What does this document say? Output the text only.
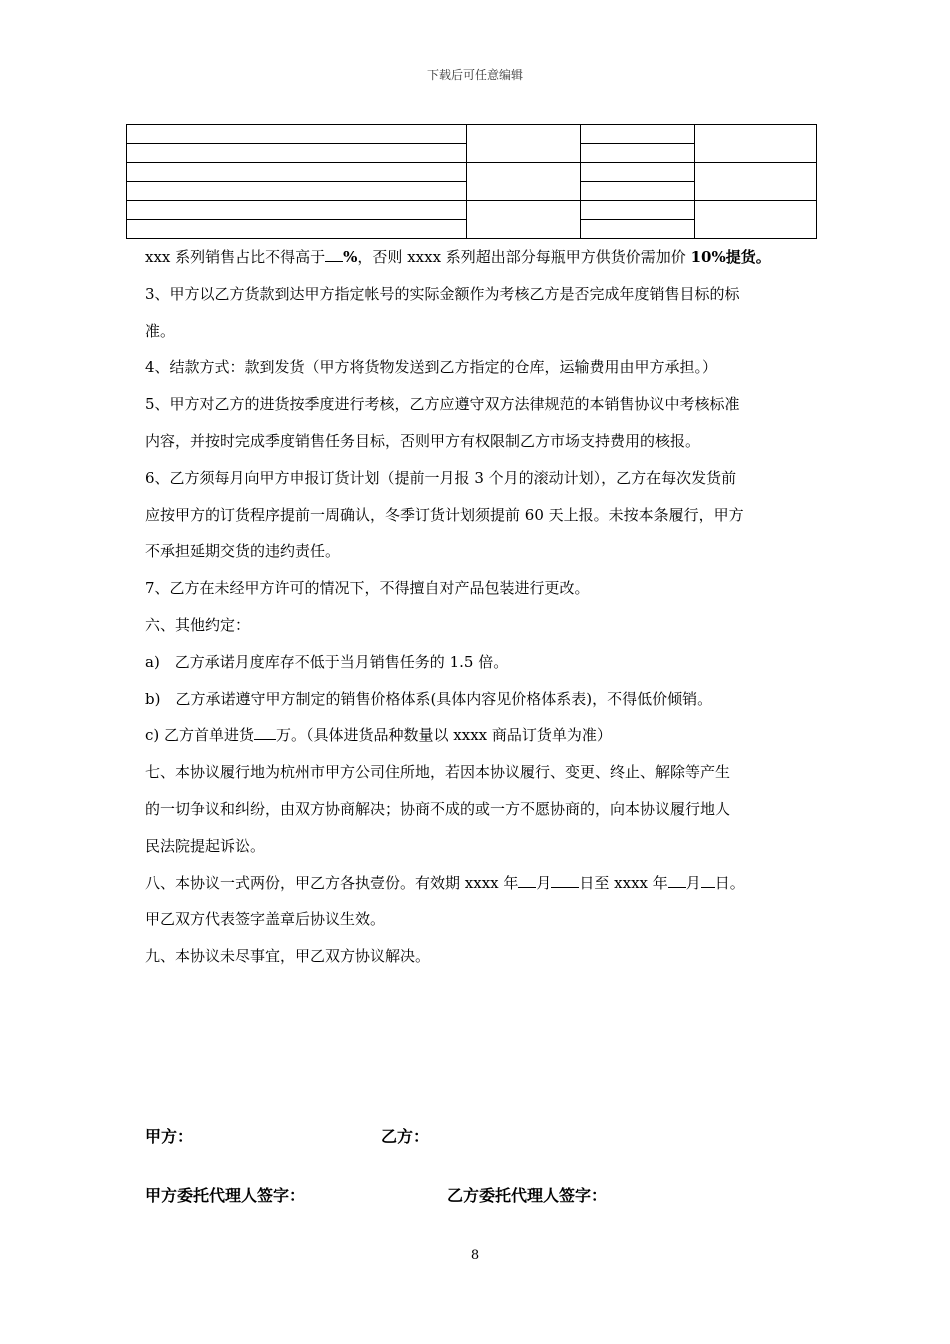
下载后可任意编辑

xxx 系列销售占比不得高于 %，否则 xxxx 系列超出部分每瓶甲方供货价需加价 10%提货。
3、甲方以乙方货款到达甲方指定帐号的实际金额作为考核乙方是否完成年度销售目标的标
准。
4、结款方式：款到发货（甲方将货物发送到乙方指定的仓库，运输费用由甲方承担。）
5、甲方对乙方的进货按季度进行考核，乙方应遵守双方法律规范的本销售协议中考核标准
内容，并按时完成季度销售任务目标，否则甲方有权限制乙方市场支持费用的核报。
6、乙方须每月向甲方申报订货计划（提前一月报 3 个月的滚动计划），乙方在每次发货前
应按甲方的订货程序提前一周确认，冬季订货计划须提前 60 天上报。未按本条履行，甲方
不承担延期交货的违约责任。
7、乙方在未经甲方许可的情况下，不得擅自对产品包装进行更改。
六、其他约定：
a)　乙方承诺月度库存不低于当月销售任务的 1.5 倍。
b)　乙方承诺遵守甲方制定的销售价格体系(具体内容见价格体系表)，不得低价倾销。
c) 乙方首单进货 万。（具体进货品种数量以 xxxx 商品订货单为准）
七、本协议履行地为杭州市甲方公司住所地，若因本协议履行、变更、终止、解除等产生
的一切争议和纠纷，由双方协商解决；协商不成的或一方不愿协商的，向本协议履行地人
民法院提起诉讼。
八、本协议一式两份，甲乙方各执壹份。有效期 xxxx 年 月 日至 xxxx 年 月 日。
甲乙双方代表签字盖章后协议生效。
九、本协议未尽事宜，甲乙双方协议解决。
甲方：	乙方：
甲方委托代理人签字：	乙方委托代理人签字：
8
